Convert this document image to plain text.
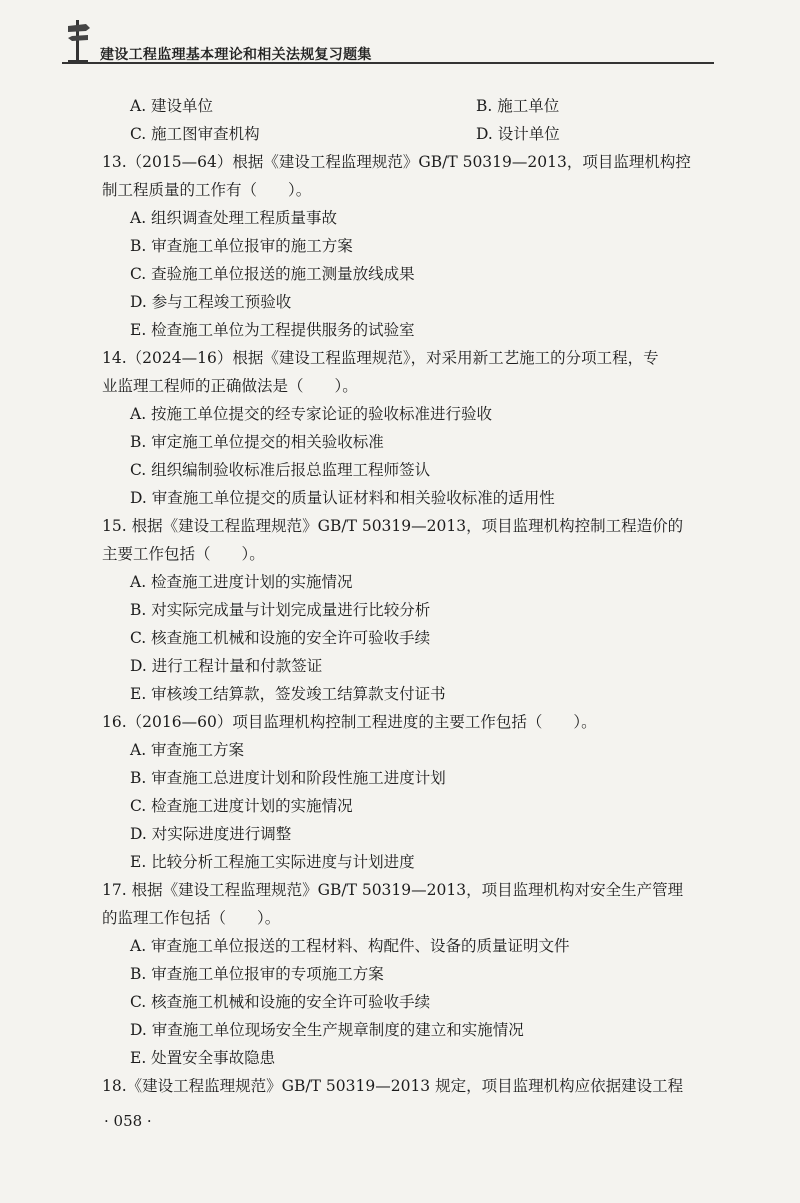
建设工程监理基本理论和相关法规复习题集
A. 建设单位	B. 施工单位
C. 施工图审查机构	D. 设计单位
13.（2015—64）根据《建设工程监理规范》GB/T 50319—2013，项目监理机构控
制工程质量的工作有（　　）。
A. 组织调查处理工程质量事故
B. 审查施工单位报审的施工方案
C. 查验施工单位报送的施工测量放线成果
D. 参与工程竣工预验收
E. 检查施工单位为工程提供服务的试验室
14.（2024—16）根据《建设工程监理规范》，对采用新工艺施工的分项工程，专
业监理工程师的正确做法是（　　）。
A. 按施工单位提交的经专家论证的验收标准进行验收
B. 审定施工单位提交的相关验收标准
C. 组织编制验收标准后报总监理工程师签认
D. 审查施工单位提交的质量认证材料和相关验收标准的适用性
15. 根据《建设工程监理规范》GB/T 50319—2013，项目监理机构控制工程造价的
主要工作包括（　　）。
A. 检查施工进度计划的实施情况
B. 对实际完成量与计划完成量进行比较分析
C. 核查施工机械和设施的安全许可验收手续
D. 进行工程计量和付款签证
E. 审核竣工结算款，签发竣工结算款支付证书
16.（2016—60）项目监理机构控制工程进度的主要工作包括（　　）。
A. 审查施工方案
B. 审查施工总进度计划和阶段性施工进度计划
C. 检查施工进度计划的实施情况
D. 对实际进度进行调整
E. 比较分析工程施工实际进度与计划进度
17. 根据《建设工程监理规范》GB/T 50319—2013，项目监理机构对安全生产管理
的监理工作包括（　　）。
A. 审查施工单位报送的工程材料、构配件、设备的质量证明文件
B. 审查施工单位报审的专项施工方案
C. 核查施工机械和设施的安全许可验收手续
D. 审查施工单位现场安全生产规章制度的建立和实施情况
E. 处置安全事故隐患
18.《建设工程监理规范》GB/T 50319—2013 规定，项目监理机构应依据建设工程
· 058 ·
